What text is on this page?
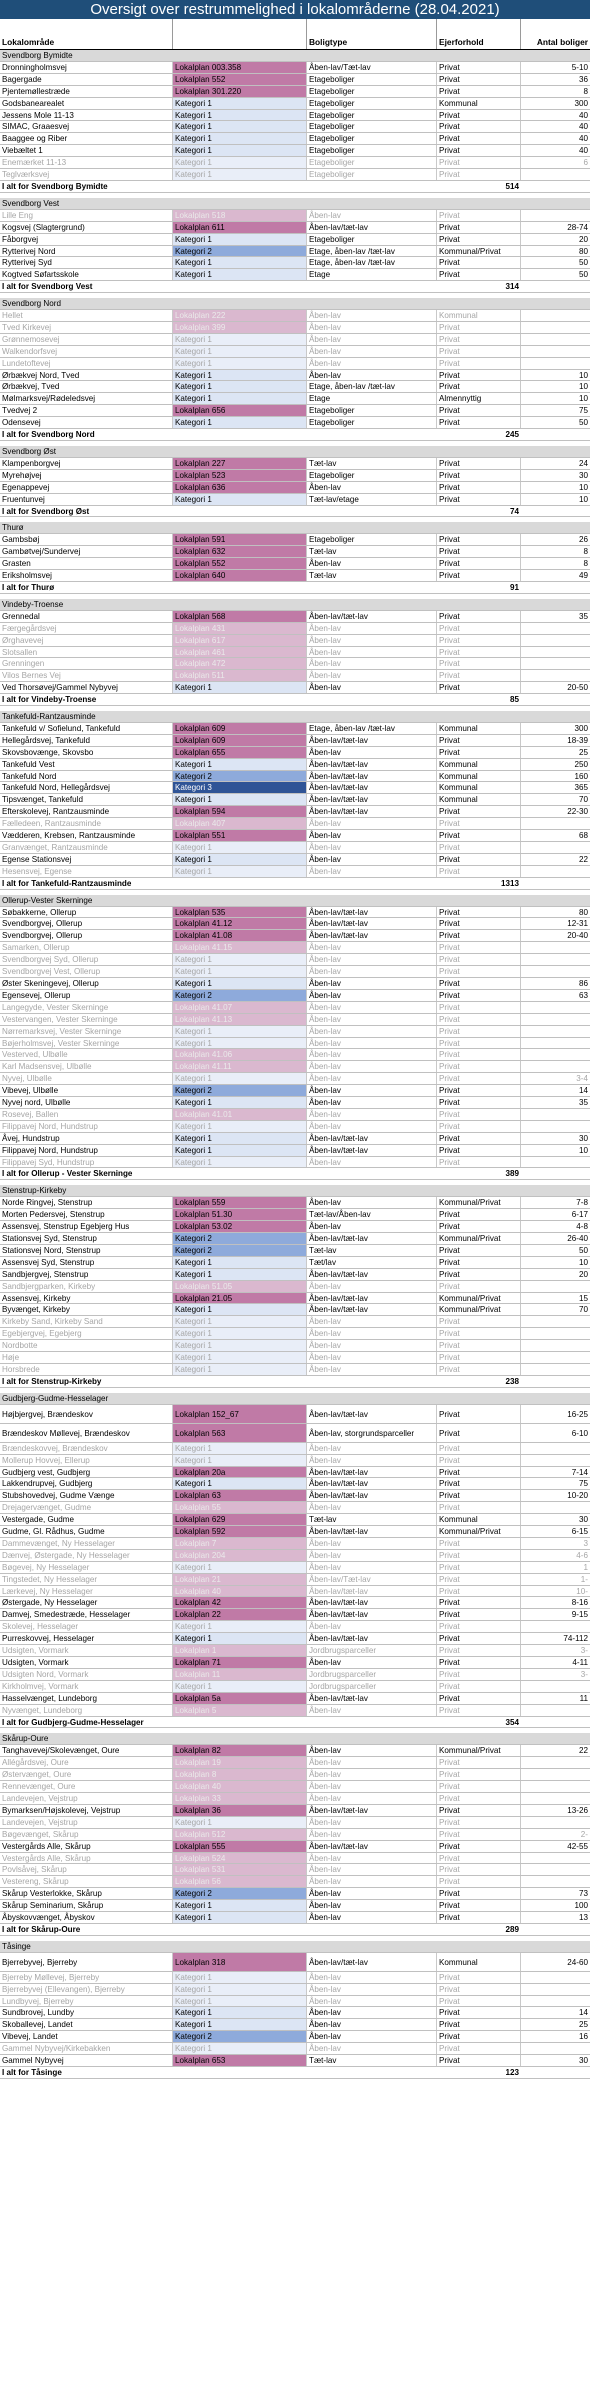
Oversigt over restrummelighed i lokalområderne (28.04.2021)
Lokalområde	Boligtype	Ejerforhold	Antal boliger
Svendborg Bymidte
Dronningholmsvej	Lokalplan 003.358	Åben-lav/Tæt-lav	Privat	5-10
Bagergade	Lokalplan 552	Etageboliger	Privat	36
Pjentemøllestræde	Lokalplan 301.220	Etageboliger	Privat	8
Godsbanearealet	Kategori 1	Etageboliger	Kommunal	300
Jessens Mole 11-13	Kategori 1	Etageboliger	Privat	40
SIMAC, Graaesvej	Kategori 1	Etageboliger	Privat	40
Baaggee og Riber	Kategori 1	Etageboliger	Privat	40
Viebæltet 1	Kategori 1	Etageboliger	Privat	40
Enemærket 11-13	Kategori 1	Etageboliger	Privat	6
Teglværksvej	Kategori 1	Etageboliger	Privat
I alt for Svendborg Bymidte	514
Svendborg Vest
Lille Eng	Lokalplan 518	Åben-lav	Privat
Kogsvej (Slagtergrund)	Lokalplan 611	Åben-lav/tæt-lav	Privat	28-74
Fåborgvej	Kategori 1	Etageboliger	Privat	20
Rytterivej Nord	Kategori 2	Etage, åben-lav /tæt-lav	Kommunal/Privat	80
Rytterivej Syd	Kategori 1	Etage, åben-lav /tæt-lav	Privat	50
Kogtved Søfartsskole	Kategori 1	Etage	Privat	50
I alt for Svendborg Vest	314
Svendborg Nord
Hellet	Lokalplan 222	Åben-lav	Kommunal
Tved Kirkevej	Lokalplan 399	Åben-lav	Privat
Grønnemosevej	Kategori 1	Åben-lav	Privat
Walkendorfsvej	Kategori 1	Åben-lav	Privat
Lundetoftevej	Kategori 1	Åben-lav	Privat
Ørbækvej Nord, Tved	Kategori 1	Åben-lav	Privat	10
Ørbækvej, Tved	Kategori 1	Etage, åben-lav /tæt-lav	Privat	10
Mølmarksvej/Rødeledsvej	Kategori 1	Etage	Almennyttig	10
Tvedvej 2	Lokalplan 656	Etageboliger	Privat	75
Odensevej	Kategori 1	Etageboliger	Privat	50
I alt for Svendborg Nord	245
Svendborg Øst
Klampenborgvej	Lokalplan 227	Tæt-lav	Privat	24
Myrehøjvej	Lokalplan 523	Etageboliger	Privat	30
Egenappevej	Lokalplan 636	Åben-lav	Privat	10
Fruentunvej	Kategori 1	Tæt-lav/etage	Privat	10
I alt for Svendborg Øst	74
Thurø
Gambsbøj	Lokalplan 591	Etageboliger	Privat	26
Gambøtvej/Sundervej	Lokalplan 632	Tæt-lav	Privat	8
Grasten	Lokalplan 552	Åben-lav	Privat	8
Eriksholmsvej	Lokalplan 640	Tæt-lav	Privat	49
I alt for Thurø	91
Vindeby-Troense
Grennedal	Lokalplan 568	Åben-lav/tæt-lav	Privat	35
Færgegårdsvej	Lokalplan 431	Åben-lav	Privat
Ørghavevej	Lokalplan 617	Åben-lav	Privat
Slotsallen	Lokalplan 461	Åben-lav	Privat
Grenningen	Lokalplan 472	Åben-lav	Privat
Vilos Bernes Vej	Lokalplan 511	Åben-lav	Privat
Ved Thorsøvej/Gammel Nybyvej	Kategori 1	Åben-lav	Privat	20-50
I alt for Vindeby-Troense	85
Tankefuld-Rantzausminde
Tankefuld v/ Sofielund, Tankefuld	Lokalplan 609	Etage, åben-lav /tæt-lav	Kommunal	300
Hellegårdsvej, Tankefuld	Lokalplan 609	Åben-lav/tæt-lav	Privat	18-39
Skovsbovænge, Skovsbo	Lokalplan 655	Åben-lav	Privat	25
Tankefuld Vest	Kategori 1	Åben-lav/tæt-lav	Kommunal	250
Tankefuld Nord	Kategori 2	Åben-lav/tæt-lav	Kommunal	160
Tankefuld Nord, Hellegårdsvej	Kategori 3	Åben-lav/tæt-lav	Kommunal	365
Tipsvænget, Tankefuld	Kategori 1	Åben-lav/tæt-lav	Kommunal	70
Efterskolevej, Rantzausminde	Lokalplan 594	Åben-lav/tæt-lav	Privat	22-30
Fælledeen, Rantzausminde	Lokalplan 407	Åben-lav	Privat
Vædderen, Krebsen, Rantzausminde	Lokalplan 551	Åben-lav	Privat	68
Granvænget, Rantzausminde	Kategori 1	Åben-lav	Privat
Egense Stationsvej	Kategori 1	Åben-lav	Privat	22
Hesensvej, Egense	Kategori 1	Åben-lav	Privat
I alt for Tankefuld-Rantzausminde	1313
Ollerup-Vester Skerninge
Søbakkerne, Ollerup	Lokalplan 535	Åben-lav/tæt-lav	Privat	80
Svendborgvej, Ollerup	Lokalplan 41.12	Åben-lav/tæt-lav	Privat	12-31
Svendborgvej, Ollerup	Lokalplan 41.08	Åben-lav/tæt-lav	Privat	20-40
Samarken, Ollerup	Lokalplan 41.15	Åben-lav	Privat
Svendborgvej Syd, Ollerup	Kategori 1	Åben-lav	Privat
Svendborgvej Vest, Ollerup	Kategori 1	Åben-lav	Privat
Øster Skeningevej, Ollerup	Kategori 1	Åben-lav	Privat	86
Egensevej, Ollerup	Kategori 2	Åben-lav	Privat	63
Langegyde, Vester Skerninge	Lokalplan 41.07	Åben-lav	Privat
Vestervangen, Vester Skerninge	Lokalplan 41.13	Åben-lav	Privat
Nørremarksvej, Vester Skerninge	Kategori 1	Åben-lav	Privat
Bøjerholmsvej, Vester Skerninge	Kategori 1	Åben-lav	Privat
Vesterved, Ulbølle	Lokalplan 41.06	Åben-lav	Privat
Karl Madsensvej, Ulbølle	Lokalplan 41.11	Åben-lav	Privat
Nyvej, Ulbølle	Kategori 1	Åben-lav	Privat	3-4
Vibevej, Ulbølle	Kategori 2	Åben-lav	Privat	14
Nyvej nord, Ulbølle	Kategori 1	Åben-lav	Privat	35
Rosevej, Ballen	Lokalplan 41.01	Åben-lav	Privat
Filippavej Nord, Hundstrup	Kategori 1	Åben-lav	Privat
Åvej, Hundstrup	Kategori 1	Åben-lav/tæt-lav	Privat	30
Filippavej Nord, Hundstrup	Kategori 1	Åben-lav/tæt-lav	Privat	10
Filippavej Syd, Hundstrup	Kategori 1	Åben-lav	Privat
I alt for Ollerup - Vester Skerninge	389
Stenstrup-Kirkeby
Norde Ringvej, Stenstrup	Lokalplan 559	Åben-lav	Kommunal/Privat	7-8
Morten Pedersvej, Stenstrup	Lokalplan 51.30	Tæt-lav/Åben-lav	Privat	6-17
Assensvej, Stenstrup Egebjerg Hus	Lokalplan 53.02	Åben-lav	Privat	4-8
Stationsvej Syd, Stenstrup	Kategori 2	Åben-lav/tæt-lav	Kommunal/Privat	26-40
Stationsvej Nord, Stenstrup	Kategori 2	Tæt-lav	Privat	50
Assensvej Syd, Stenstrup	Kategori 1	Tæt/lav	Privat	10
Sandbjergvej, Stenstrup	Kategori 1	Åben-lav/tæt-lav	Privat	20
Sandbjergparken, Kirkeby	Lokalplan 51.05	Åben-lav	Privat
Assensvej, Kirkeby	Lokalplan 21.05	Åben-lav/tæt-lav	Kommunal/Privat	15
Byvænget, Kirkeby	Kategori 1	Åben-lav/tæt-lav	Kommunal/Privat	70
Kirkeby Sand, Kirkeby Sand	Kategori 1	Åben-lav	Privat
Egebjergvej, Egebjerg	Kategori 1	Åben-lav	Privat
Nordbotte	Kategori 1	Åben-lav	Privat
Høje	Kategori 1	Åben-lav	Privat
Horsbrede	Kategori 1	Åben-lav	Privat
I alt for Stenstrup-Kirkeby	238
Gudbjerg-Gudme-Hesselager
Højbjergvej, Brændeskov	Lokalplan 152_67	Åben-lav/tæt-lav	Privat	16-25
Brændeskov Møllevej, Brændeskov	Lokalplan 563	Åben-lav, storgrundsparceller	Privat	6-10
Brændeskovvej, Brændeskov	Kategori 1	Åben-lav	Privat
Mollerup Hovvej, Ellerup	Kategori 1	Åben-lav	Privat
Gudbjerg vest, Gudbjerg	Lokalplan 20a	Åben-lav/tæt-lav	Privat	7-14
Lakkendrupvej, Gudbjerg	Kategori 1	Åben-lav/tæt-lav	Privat	75
Stubshovedvej, Gudme Vænge	Lokalplan 63	Åben-lav/tæt-lav	Privat	10-20
Drejagervænget, Gudme	Lokalplan 55	Åben-lav	Privat
Vestergade, Gudme	Lokalplan 629	Tæt-lav	Kommunal	30
Gudme, Gl. Rådhus, Gudme	Lokalplan 592	Åben-lav/tæt-lav	Kommunal/Privat	6-15
Dammevænget, Ny Hesselager	Lokalplan 7	Åben-lav	Privat	3
Dænvej, Østergade, Ny Hesselager	Lokalplan 204	Åben-lav	Privat	4-6
Bøgevej, Ny Hesselager	Kategori 1	Åben-lav	Privat	1
Tingstedet, Ny Hesselager	Lokalplan 21	Åben-lav/Tæt-lav	Privat	1-
Lærkevej, Ny Hesselager	Lokalplan 40	Åben-lav/tæt-lav	Privat	10-
Østergade, Ny Hesselager	Lokalplan 42	Åben-lav/tæt-lav	Privat	8-16
Damvej, Smedestræde, Hesselager	Lokalplan 22	Åben-lav/tæt-lav	Privat	9-15
Skolevej, Hesselager	Kategori 1	Åben-lav	Privat
Purreskovvej, Hesselager	Kategori 1	Åben-lav/tæt-lav	Privat	74-112
Udsigten, Vormark	Lokalplan 1	Jordbrugsparceller	Privat	3-
Udsigten, Vormark	Lokalplan 71	Åben-lav	Privat	4-11
Udsigten Nord, Vormark	Lokalplan 11	Jordbrugsparceller	Privat	3-
Kirkholmvej, Vormark	Kategori 1	Jordbrugsparceller	Privat
Hasselvænget, Lundeborg	Lokalplan 5a	Åben-lav/tæt-lav	Privat	11
Nyvænget, Lundeborg	Lokalplan 5	Åben-lav	Privat
I alt for Gudbjerg-Gudme-Hesselager	354
Skårup-Oure
Tanghavevej/Skolevænget, Oure	Lokalplan 82	Åben-lav	Kommunal/Privat	22
Allégårdsvej, Oure	Lokalplan 19	Åben-lav	Privat
Østervænget, Oure	Lokalplan 8	Åben-lav	Privat
Rennevænget, Oure	Lokalplan 40	Åben-lav	Privat
Landevejen, Vejstrup	Lokalplan 33	Åben-lav	Privat
Bymarksen/Højskolevej, Vejstrup	Lokalplan 36	Åben-lav/tæt-lav	Privat	13-26
Landevejen, Vejstrup	Kategori 1	Åben-lav	Privat
Bøgevænget, Skårup	Lokalplan 512	Åben-lav	Privat	2-
Vestergårds Alle, Skårup	Lokalplan 555	Åben-lav/tæt-lav	Privat	42-55
Vestergårds Alle, Skårup	Lokalplan 524	Åben-lav	Privat
Povlsåvej, Skårup	Lokalplan 531	Åben-lav	Privat
Vestereng, Skårup	Lokalplan 56	Åben-lav	Privat
Skårup Vesterlokke, Skårup	Kategori 2	Åben-lav	Privat	73
Skårup Seminarium, Skårup	Kategori 1	Åben-lav	Privat	100
Åbyskovvænget, Åbyskov	Kategori 1	Åben-lav	Privat	13
I alt for Skårup-Oure	289
Tåsinge
Bjerrebyvej, Bjerreby	Lokalplan 318	Åben-lav/tæt-lav	Kommunal	24-60
Bjerreby Møllevej, Bjerreby	Kategori 1	Åben-lav	Privat
Bjerrebyvej (Ellevangen), Bjerreby	Kategori 1	Åben-lav	Privat
Lundbyvej, Bjerreby	Kategori 1	Åben-lav	Privat
Sundbrovej, Lundby	Kategori 1	Åben-lav	Privat	14
Skoballevej, Landet	Kategori 1	Åben-lav	Privat	25
Vibevej, Landet	Kategori 2	Åben-lav	Privat	16
Gammel Nybyvej/Kirkebakken	Kategori 1	Åben-lav	Privat
Gammel Nybyvej	Lokalplan 653	Tæt-lav	Privat	30
I alt for Tåsinge	123
